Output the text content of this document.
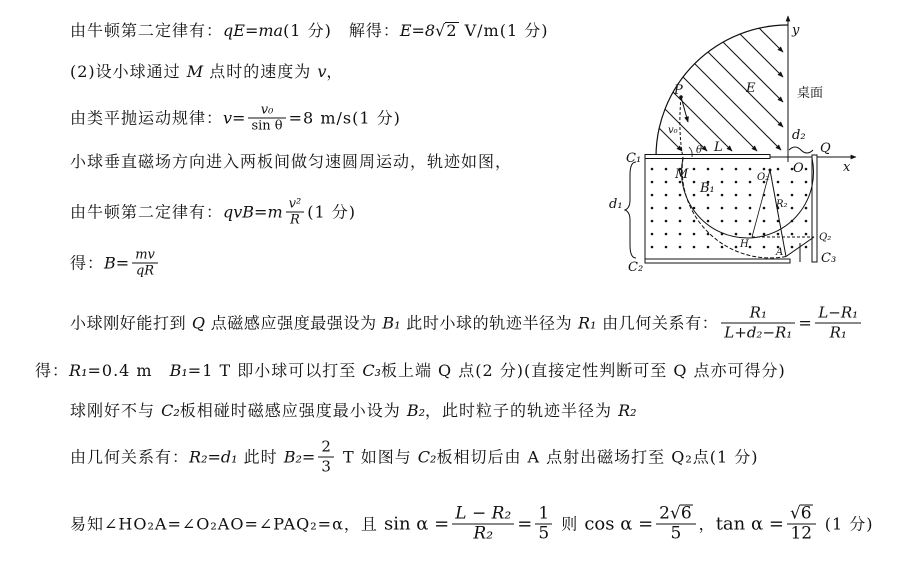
由牛顿第二定律有： qE=ma (1 分) 　解得： E=8 √ 2 V/m (1 分)
(2)设小球通过 M 点时的速度为 v ，
由类平抛运动规律： $v= \frac{\text{v₀}}{\text{sin θ}} =8$ m/s (1 分)
小球垂直磁场方向进入两板间做匀速圆周运动，轨迹如图，
由牛顿第二定律有： $qvB=m \frac{\text{v²}}{R} (1$ 分)
得： $B= \frac{mv}{qR}$
小球刚好能打到 Q 点磁感应强度最强设为 B₁ 此时小球的轨迹半径为 R₁ 由几何关系有： $\frac{\text{R₁}}{\text{L+d₂−R₁}} = \frac{\text{L−R₁}}{\text{R₁}}$
得： R₁ =0.4 m　 B₁ =1 T 即小球可以打至 C₃ 板上端 Q 点(2 分)(直接定性判断可至 Q 点亦可得分)
球刚好不与 C₂ 板相碰时磁感应强度最小设为 B₂ ，此时粒子的轨迹半径为 R₂
由几何关系有： R₂=d₁ 此时 $B_2= \frac{2}{3}$ T 如图与 C₂ 板相切后由 A 点射出磁场打至 Q₂点(1 分)
易知∠HO₂A=∠O₂AO=∠PAQ₂=α，且 $\sin \alpha = \frac{\text{L − R₂}}{\text{R₂}} = \frac{1}{5}$ 则 $\cos \alpha = \frac{2 √ 6}{5}$ ， $\tan \alpha = \frac{√ 6}{12} (1$ 分)
y
x
E	桌面
P
v₀
θ L
d₂
Q
C₁
M
B₁
O₂
O
R₂
d₁
H
A
Q₂
C₂
C₃
